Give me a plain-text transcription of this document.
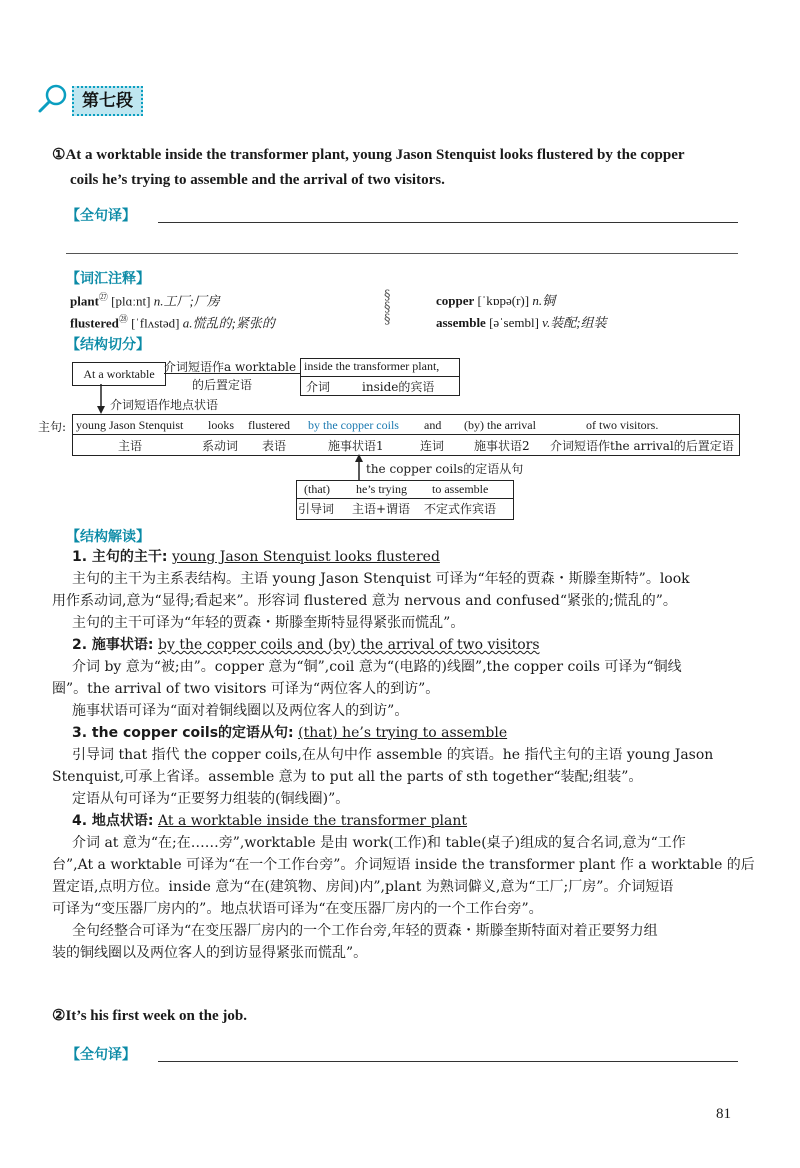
第七段
①At a worktable inside the transformer plant, young Jason Stenquist looks flustered by the copper
coils he’s trying to assemble and the arrival of two visitors.
【全句译】
【词汇注释】
plant$^㉗$ [plɑːnt] n.工厂;厂房
flustered$^㉘$ [ˈflʌstəd] a.慌乱的;紧张的
§
§
§
copper [ˈkɒpə(r)] n.铜
assemble [əˈsembl] v.装配;组装
【结构切分】
At a worktable 介词短语作a worktable
的后置定语
inside the transformer plant,
介词	inside的宾语
介词短语作地点状语
主句: young Jason Stenquist
主语
looks
系动词
flustered
表语
by the copper coils
施事状语1
and
连词
(by) the arrival
施事状语2
of two visitors.
介词短语作the arrival的后置定语
the copper coils的定语从句
(that)
引导词
he’s trying
主语+谓语
to assemble
不定式作宾语
【结构解读】
1. 主句的主干: young Jason Stenquist looks flustered
主句的主干为主系表结构。主语 young Jason Stenquist 可译为“年轻的贾森・斯滕奎斯特”。look
用作系动词,意为“显得;看起来”。形容词 flustered 意为 nervous and confused“紧张的;慌乱的”。
主句的主干可译为“年轻的贾森・斯滕奎斯特显得紧张而慌乱”。
2. 施事状语: by the copper coils and (by) the arrival of two visitors
介词 by 意为“被;由”。copper 意为“铜”,coil 意为“(电路的)线圈”,the copper coils 可译为“铜线
圈”。the arrival of two visitors 可译为“两位客人的到访”。
施事状语可译为“面对着铜线圈以及两位客人的到访”。
3. the copper coils的定语从句: (that) he’s trying to assemble
引导词 that 指代 the copper coils,在从句中作 assemble 的宾语。he 指代主句的主语 young Jason
Stenquist,可承上省译。assemble 意为 to put all the parts of sth together“装配;组装”。
定语从句可译为“正要努力组装的(铜线圈)”。
4. 地点状语: At a worktable inside the transformer plant
介词 at 意为“在;在……旁”,worktable 是由 work(工作)和 table(桌子)组成的复合名词,意为“工作
台”,At a worktable 可译为“在一个工作台旁”。介词短语 inside the transformer plant 作 a worktable 的后
置定语,点明方位。inside 意为“在(建筑物、房间)内”,plant 为熟词僻义,意为“工厂;厂房”。介词短语
可译为“变压器厂房内的”。地点状语可译为“在变压器厂房内的一个工作台旁”。
全句经整合可译为“在变压器厂房内的一个工作台旁,年轻的贾森・斯滕奎斯特面对着正要努力组
装的铜线圈以及两位客人的到访显得紧张而慌乱”。
②It’s his first week on the job.
【全句译】
81
